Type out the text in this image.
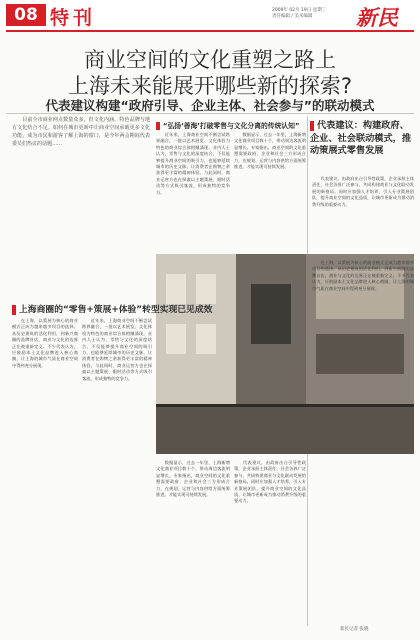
08 特刊	2009年 02月 19日 星期三
责任编辑 / 美术编辑	新民
商业空间的文化重塑之路上
上海未来能展开哪些新的探索?
代表建议构建“政府引导、企业主体、社会参与”的联动模式
　　目前全市商业网点数量众多，但文化内涵、特色品牌与地方文化结合不足。如何在城市更新中让商业空间承载更多文化功能，成为市民和游客了解上海的窗口，是今年两会期间代表委员们热议的话题……
“弘扬‘善海’打破零售与文化分离的传统认知”
　　近年来，上海商业空间不断尝试跨界融合，一批以艺术展览、文化体验为特色的商业综合体相继涌现。业内人士认为，零售与文化的深度结合，不仅能够提升商业空间的吸引力，也能够延续城市的历史文脉，让消费者在购物之余获得更丰富的精神体验。与此同时，商业运营方也在探索以主题策展、限时活动等方式吸引客流，形成独特的竞争力。
　　数据显示，过去一年里，上海新增文化商业项目数十个，带动周边客流明显增长。专家指出，商业空间的文化重塑需要政府、企业和社会三方形成合力，在规划、运营与内容供给方面统筹推进，才能实现可持续发展。
代表建议：构建政府、企业、社会联动模式，推动策展式零售发展
　　代表建议，由政府出台引导性政策，企业承担主体责任，社会各界广泛参与，共同构建商业与文化联动发展的新格局。同时应加强人才培养，引入专业策展团队，提升商业空间的文化品质，让城市更新成为推动消费升级的重要动力。
上海商圈的“零售+策展+体验”转型实现已见成效
　　在上海，以策展为核心的商业模式正成为越来越多项目的选择。从历史建筑的活化利用，到新兴商圈的品牌首店，商业与文化的边界正在被重新定义。不少代表认为，应鼓励本土文化品牌进入核心商圈，让上海的城市气质在商业空间中得到充分展现。
　　近年来，上海商业空间不断尝试跨界融合，一批以艺术展览、文化体验为特色的商业综合体相继涌现。业内人士认为，零售与文化的深度结合，不仅能够提升商业空间的吸引力，也能够延续城市的历史文脉，让消费者在购物之余获得更丰富的精神体验。与此同时，商业运营方也在探索以主题策展、限时活动等方式吸引客流，形成独特的竞争力。
　　数据显示，过去一年里，上海新增文化商业项目数十个，带动周边客流明显增长。专家指出，商业空间的文化重塑需要政府、企业和社会三方形成合力，在规划、运营与内容供给方面统筹推进，才能实现可持续发展。
　　代表建议，由政府出台引导性政策，企业承担主体责任，社会各界广泛参与，共同构建商业与文化联动发展的新格局。同时应加强人才培养，引入专业策展团队，提升商业空间的文化品质，让城市更新成为推动消费升级的重要动力。
　　在上海，以策展为核心的商业模式正成为越来越多项目的选择。从历史建筑的活化利用，到新兴商圈的品牌首店，商业与文化的边界正在被重新定义。不少代表认为，应鼓励本土文化品牌进入核心商圈，让上海的城市气质在商业空间中得到充分展现。
新民记者 张晓
